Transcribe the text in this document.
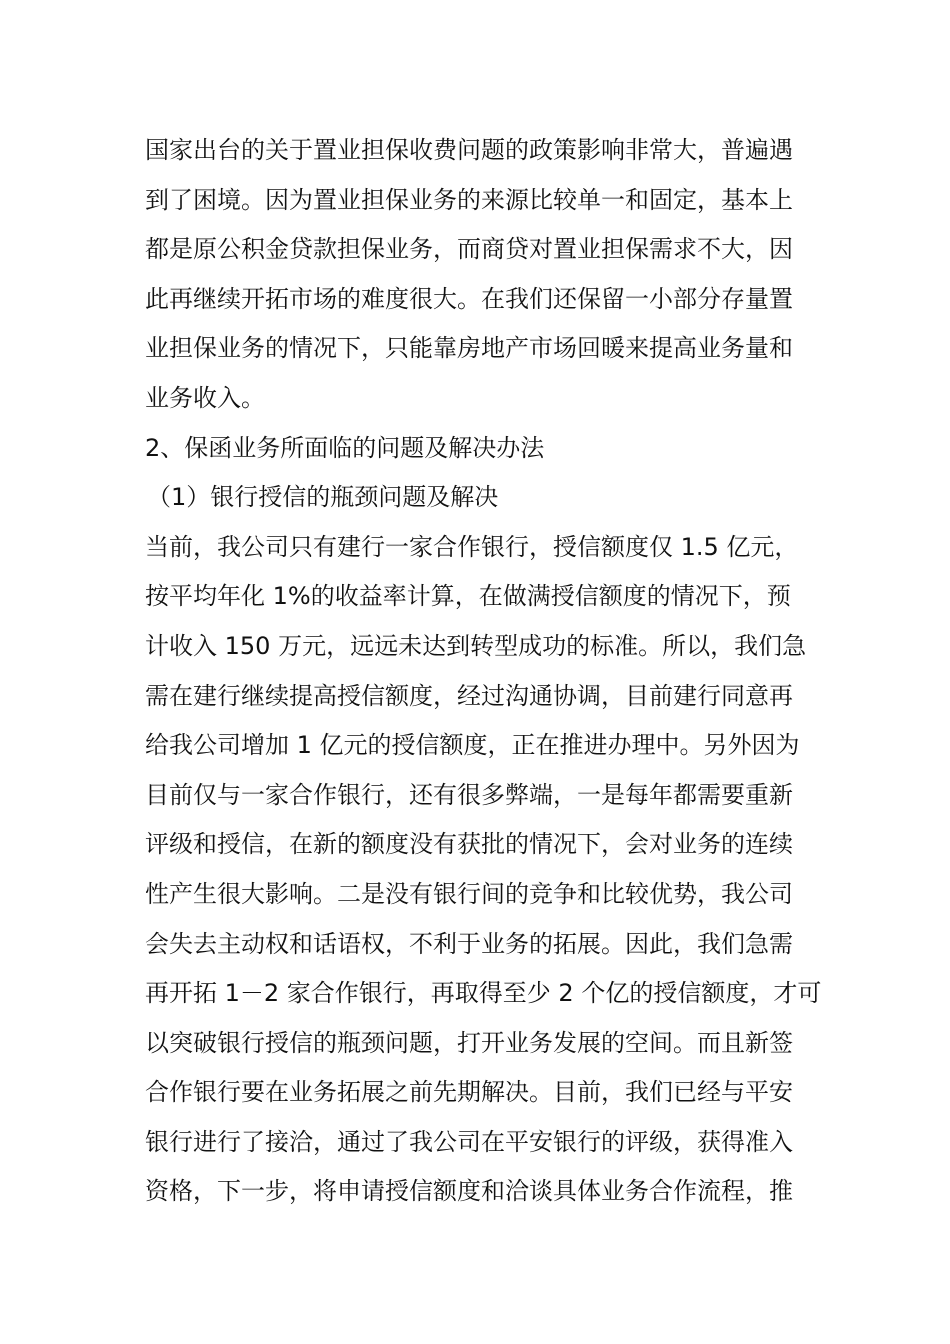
国家出台的关于置业担保收费问题的政策影响非常大，普遍遇
到了困境。因为置业担保业务的来源比较单一和固定，基本上
都是原公积金贷款担保业务，而商贷对置业担保需求不大，因
此再继续开拓市场的难度很大。在我们还保留一小部分存量置
业担保业务的情况下，只能靠房地产市场回暖来提高业务量和
业务收入。
2、保函业务所面临的问题及解决办法
（1）银行授信的瓶颈问题及解决
当前，我公司只有建行一家合作银行，授信额度仅 1.5 亿元，
按平均年化 1%的收益率计算，在做满授信额度的情况下，预
计收入 150 万元，远远未达到转型成功的标准。所以，我们急
需在建行继续提高授信额度，经过沟通协调，目前建行同意再
给我公司增加 1 亿元的授信额度，正在推进办理中。另外因为
目前仅与一家合作银行，还有很多弊端，一是每年都需要重新
评级和授信，在新的额度没有获批的情况下，会对业务的连续
性产生很大影响。二是没有银行间的竞争和比较优势，我公司
会失去主动权和话语权，不利于业务的拓展。因此，我们急需
再开拓 1－2 家合作银行，再取得至少 2 个亿的授信额度，才可
以突破银行授信的瓶颈问题，打开业务发展的空间。而且新签
合作银行要在业务拓展之前先期解决。目前，我们已经与平安
银行进行了接洽，通过了我公司在平安银行的评级，获得准入
资格，下一步，将申请授信额度和洽谈具体业务合作流程，推
